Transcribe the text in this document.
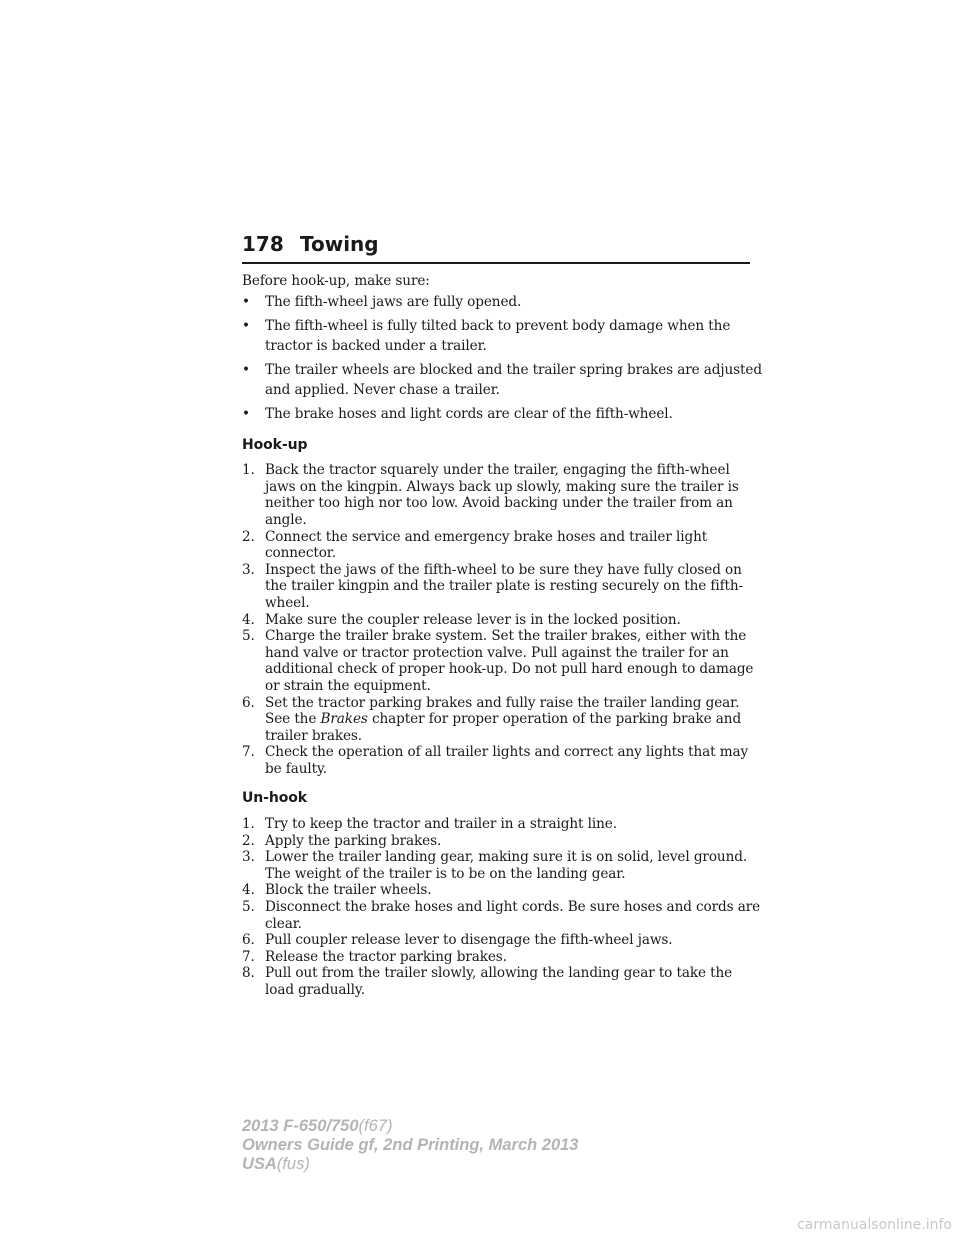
178 Towing

Before hook-up, make sure:

• The fifth-wheel jaws are fully opened.
• The fifth-wheel is fully tilted back to prevent body damage when the tractor is backed under a trailer.
• The trailer wheels are blocked and the trailer spring brakes are adjusted and applied. Never chase a trailer.
• The brake hoses and light cords are clear of the fifth-wheel.
Hook-up
1. Back the tractor squarely under the trailer, engaging the fifth-wheel jaws on the kingpin. Always back up slowly, making sure the trailer is neither too high nor too low. Avoid backing under the trailer from an angle.
2. Connect the service and emergency brake hoses and trailer light connector.
3. Inspect the jaws of the fifth-wheel to be sure they have fully closed on the trailer kingpin and the trailer plate is resting securely on the fifth-wheel.
4. Make sure the coupler release lever is in the locked position.
5. Charge the trailer brake system. Set the trailer brakes, either with the hand valve or tractor protection valve. Pull against the trailer for an additional check of proper hook-up. Do not pull hard enough to damage or strain the equipment.
6. Set the tractor parking brakes and fully raise the trailer landing gear. See the Brakes chapter for proper operation of the parking brake and trailer brakes.
7. Check the operation of all trailer lights and correct any lights that may be faulty.
Un-hook
1. Try to keep the tractor and trailer in a straight line.
2. Apply the parking brakes.
3. Lower the trailer landing gear, making sure it is on solid, level ground. The weight of the trailer is to be on the landing gear.
4. Block the trailer wheels.
5. Disconnect the brake hoses and light cords. Be sure hoses and cords are clear.
6. Pull coupler release lever to disengage the fifth-wheel jaws.
7. Release the tractor parking brakes.
8. Pull out from the trailer slowly, allowing the landing gear to take the load gradually.
2013 F-650/750(f67)
Owners Guide gf, 2nd Printing, March 2013
USA(fus)
carmanualsonline.info
